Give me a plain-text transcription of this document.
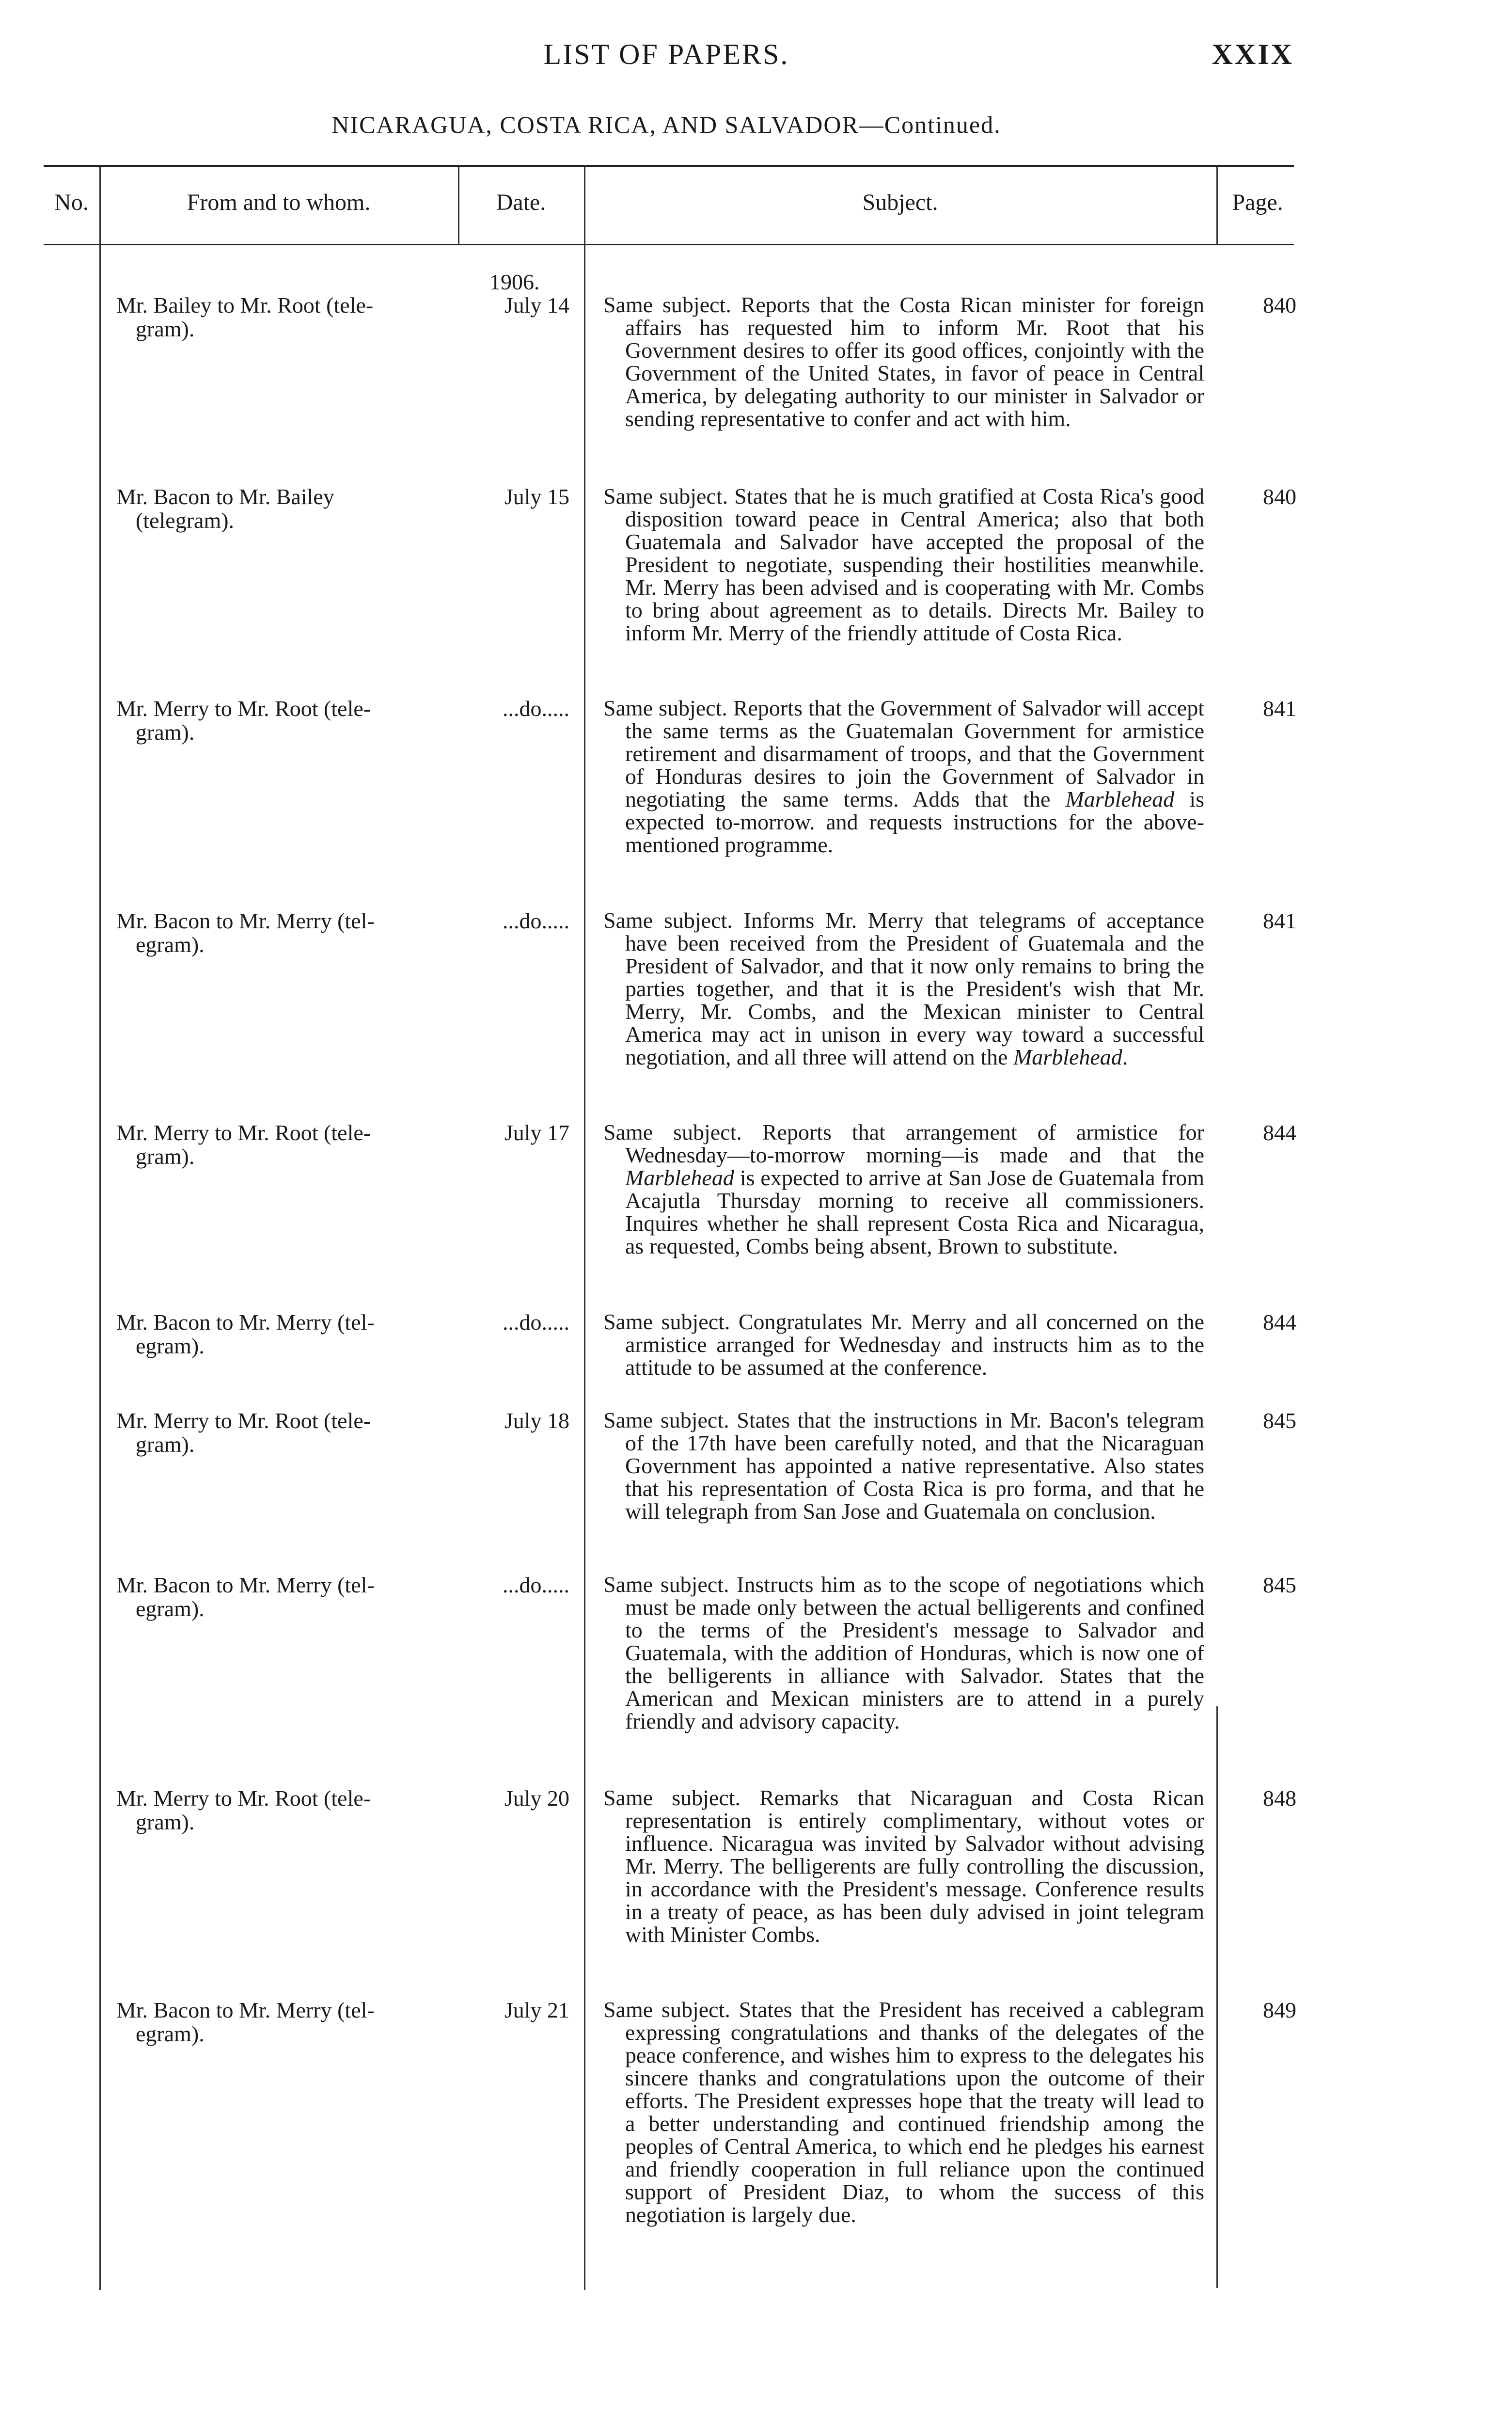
LIST OF PAPERS.	XXIX
NICARAGUA, COSTA RICA, AND SALVADOR—Continued.
No.	From and to whom.	Date.	Subject.	Page.
1906.
Mr. Bailey to Mr. Root (tele-
gram).
July 14 Same subject. Reports that the Costa Rican minister for foreign affairs has requested him to inform Mr. Root that his Government desires to offer its good offices, conjointly with the Government of the United States, in favor of peace in Central America, by delegating authority to our minister in Salvador or sending representative to confer and act with him.
840
Mr. Bacon to Mr. Bailey
(telegram).
July 15 Same subject. States that he is much gratified at Costa Rica's good disposition toward peace in Central America; also that both Guatemala and Salvador have accepted the proposal of the President to negotiate, suspending their hostilities meanwhile. Mr. Merry has been advised and is cooperating with Mr. Combs to bring about agreement as to details. Directs Mr. Bailey to inform Mr. Merry of the friendly attitude of Costa Rica.
840
Mr. Merry to Mr. Root (tele-
gram).
...do..... Same subject. Reports that the Government of Salvador will accept the same terms as the Guatemalan Government for armistice retirement and disarmament of troops, and that the Government of Honduras desires to join the Government of Salvador in negotiating the same terms. Adds that the Marblehead is expected to-morrow. and requests instructions for the above-mentioned programme.
841
Mr. Bacon to Mr. Merry (tel-
egram).
...do..... Same subject. Informs Mr. Merry that telegrams of acceptance have been received from the President of Guatemala and the President of Salvador, and that it now only remains to bring the parties together, and that it is the President's wish that Mr. Merry, Mr. Combs, and the Mexican minister to Central America may act in unison in every way toward a successful negotiation, and all three will attend on the Marblehead.
841
Mr. Merry to Mr. Root (tele-
gram).
July 17 Same subject. Reports that arrangement of armistice for Wednesday—to-morrow morning—is made and that the Marblehead is expected to arrive at San Jose de Guatemala from Acajutla Thursday morning to receive all commissioners. Inquires whether he shall represent Costa Rica and Nicaragua, as requested, Combs being absent, Brown to substitute.
844
Mr. Bacon to Mr. Merry (tel-
egram).
...do..... Same subject. Congratulates Mr. Merry and all concerned on the armistice arranged for Wednesday and instructs him as to the attitude to be assumed at the conference.
844
Mr. Merry to Mr. Root (tele-
gram).
July 18 Same subject. States that the instructions in Mr. Bacon's telegram of the 17th have been carefully noted, and that the Nicaraguan Government has appointed a native representative. Also states that his representation of Costa Rica is pro forma, and that he will telegraph from San Jose and Guatemala on conclusion.
845
Mr. Bacon to Mr. Merry (tel-
egram).
...do..... Same subject. Instructs him as to the scope of negotiations which must be made only between the actual belligerents and confined to the terms of the President's message to Salvador and Guatemala, with the addition of Honduras, which is now one of the belligerents in alliance with Salvador. States that the American and Mexican ministers are to attend in a purely friendly and advisory capacity.
845
Mr. Merry to Mr. Root (tele-
gram).
July 20 Same subject. Remarks that Nicaraguan and Costa Rican representation is entirely complimentary, without votes or influence. Nicaragua was invited by Salvador without advising Mr. Merry. The belligerents are fully controlling the discussion, in accordance with the President's message. Conference results in a treaty of peace, as has been duly advised in joint telegram with Minister Combs.
848
Mr. Bacon to Mr. Merry (tel-
egram).
July 21 Same subject. States that the President has received a cablegram expressing congratulations and thanks of the delegates of the peace conference, and wishes him to express to the delegates his sincere thanks and congratulations upon the outcome of their efforts. The President expresses hope that the treaty will lead to a better understanding and continued friendship among the peoples of Central America, to which end he pledges his earnest and friendly cooperation in full reliance upon the continued support of President Diaz, to whom the success of this negotiation is largely due.
849
